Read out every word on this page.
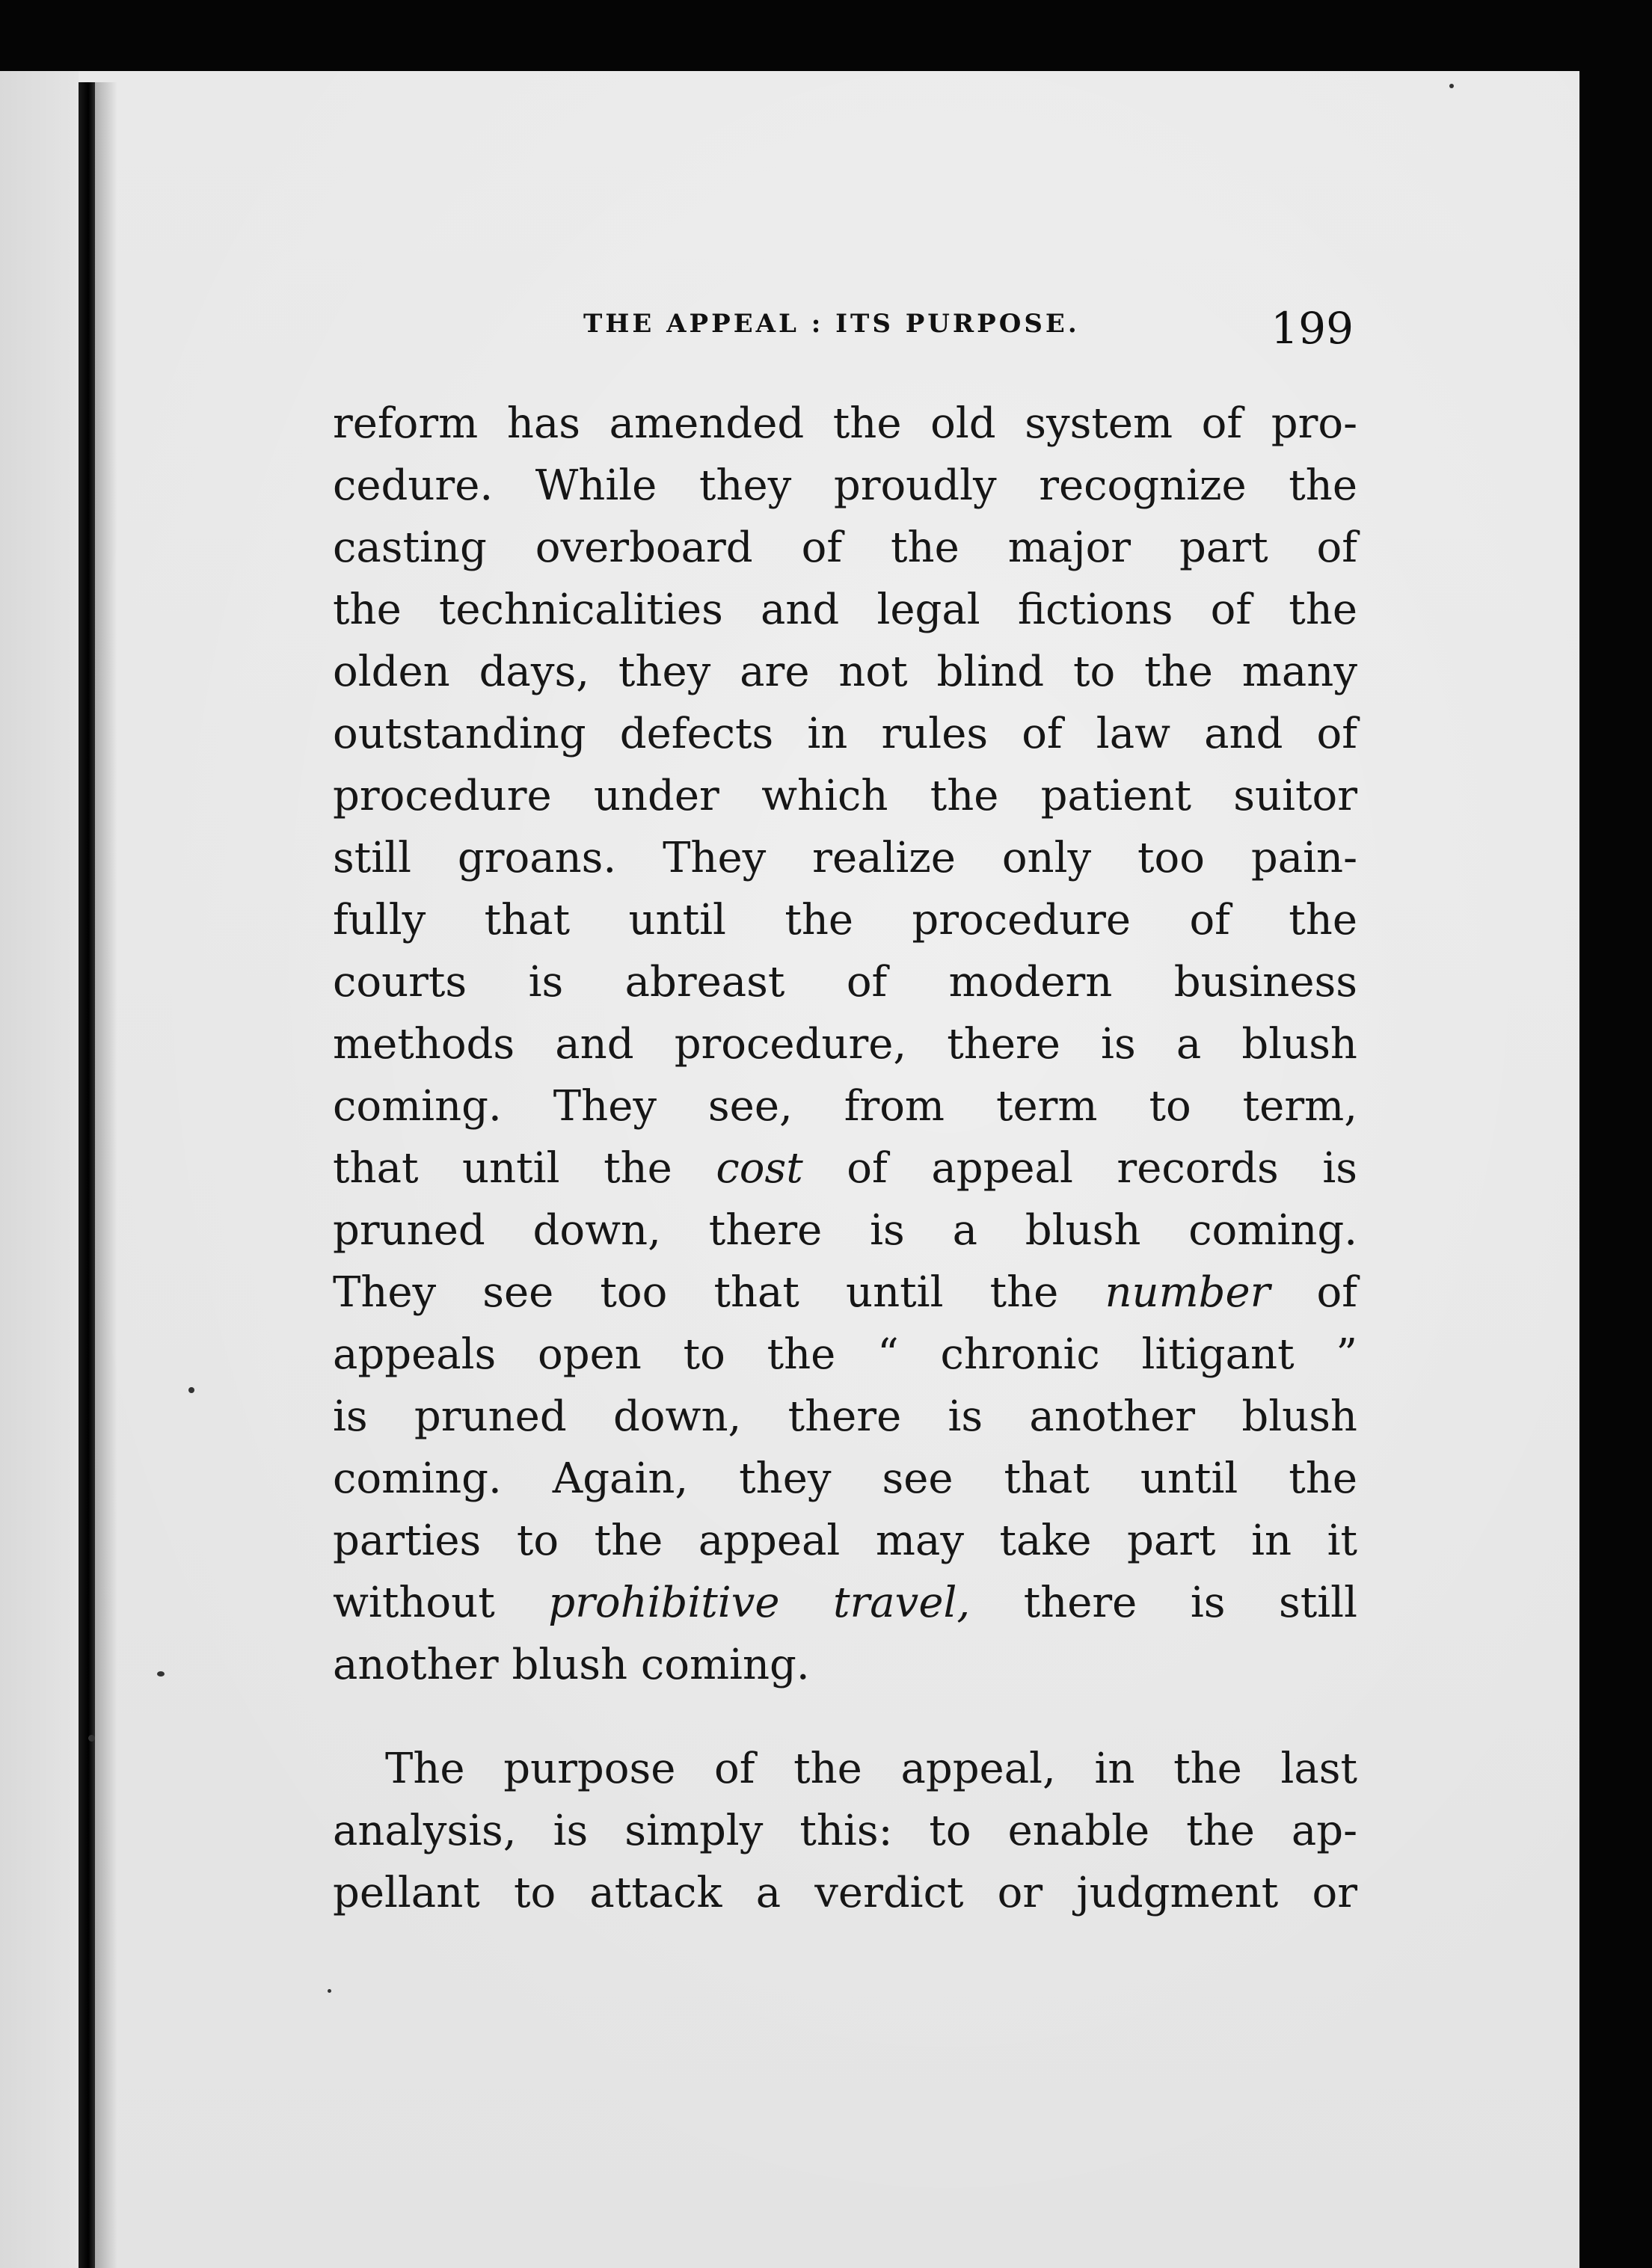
THE APPEAL : ITS PURPOSE.	199
reform has amended the old system of pro-
cedure. While they proudly recognize the
casting overboard of the major part of
the technicalities and legal fictions of the
olden days, they are not blind to the many
outstanding defects in rules of law and of
procedure under which the patient suitor
still groans. They realize only too pain-
fully that until the procedure of the
courts is abreast of modern business
methods and procedure, there is a blush
coming. They see, from term to term,
that until the cost of appeal records is
pruned down, there is a blush coming.
They see too that until the number of
appeals open to the “ chronic litigant ”
is pruned down, there is another blush
coming. Again, they see that until the
parties to the appeal may take part in it
without prohibitive travel, there is still
another blush coming.
The purpose of the appeal, in the last
analysis, is simply this: to enable the ap-
pellant to attack a verdict or judgment or
